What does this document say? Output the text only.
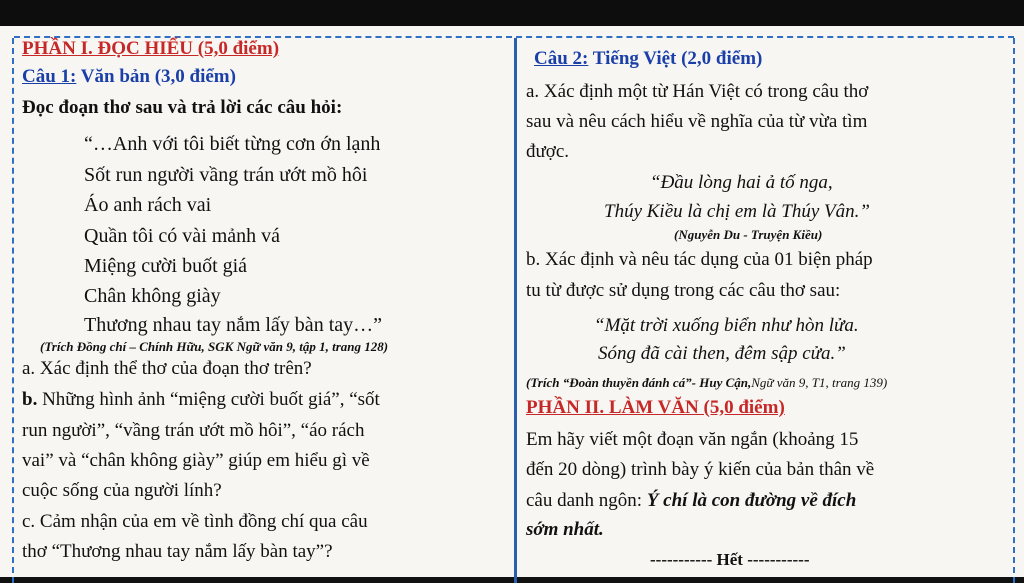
PHẦN I. ĐỌC HIỂU (5,0 điểm)
Câu 1: Văn bản (3,0 điểm)
Đọc đoạn thơ sau và trả lời các câu hỏi:
“…Anh với tôi biết từng cơn ớn lạnh
Sốt run người vầng trán ướt mồ hôi
Áo anh rách vai
Quần tôi có vài mảnh vá
Miệng cười buốt giá
Chân không giày
Thương nhau tay nắm lấy bàn tay…”
(Trích Đồng chí – Chính Hữu, SGK Ngữ văn 9, tập 1, trang 128)
a. Xác định thể thơ của đoạn thơ trên?
b. Những hình ảnh “miệng cười buốt giá”, “sốt
run người”, “vầng trán ướt mồ hôi”, “áo rách
vai” và “chân không giày” giúp em hiểu gì về
cuộc sống của người lính?
c. Cảm nhận của em về tình đồng chí qua câu
thơ “Thương nhau tay nắm lấy bàn tay”?
Câu 2: Tiếng Việt (2,0 điểm)
a. Xác định một từ Hán Việt có trong câu thơ
sau và nêu cách hiểu về nghĩa của từ vừa tìm
được.
“Đầu lòng hai ả tố nga,
Thúy Kiều là chị em là Thúy Vân.”
(Nguyễn Du - Truyện Kiều)
b. Xác định và nêu tác dụng của 01 biện pháp
tu từ được sử dụng trong các câu thơ sau:
“Mặt trời xuống biển như hòn lửa.
Sóng đã cài then, đêm sập cửa.”
(Trích “Đoàn thuyền đánh cá”- Huy Cận,Ngữ văn 9, T1, trang 139)
PHẦN II. LÀM VĂN (5,0 điểm)
Em hãy viết một đoạn văn ngắn (khoảng 15
đến 20 dòng) trình bày ý kiến của bản thân về
câu danh ngôn: Ý chí là con đường về đích
sớm nhất.
----------- Hết -----------
